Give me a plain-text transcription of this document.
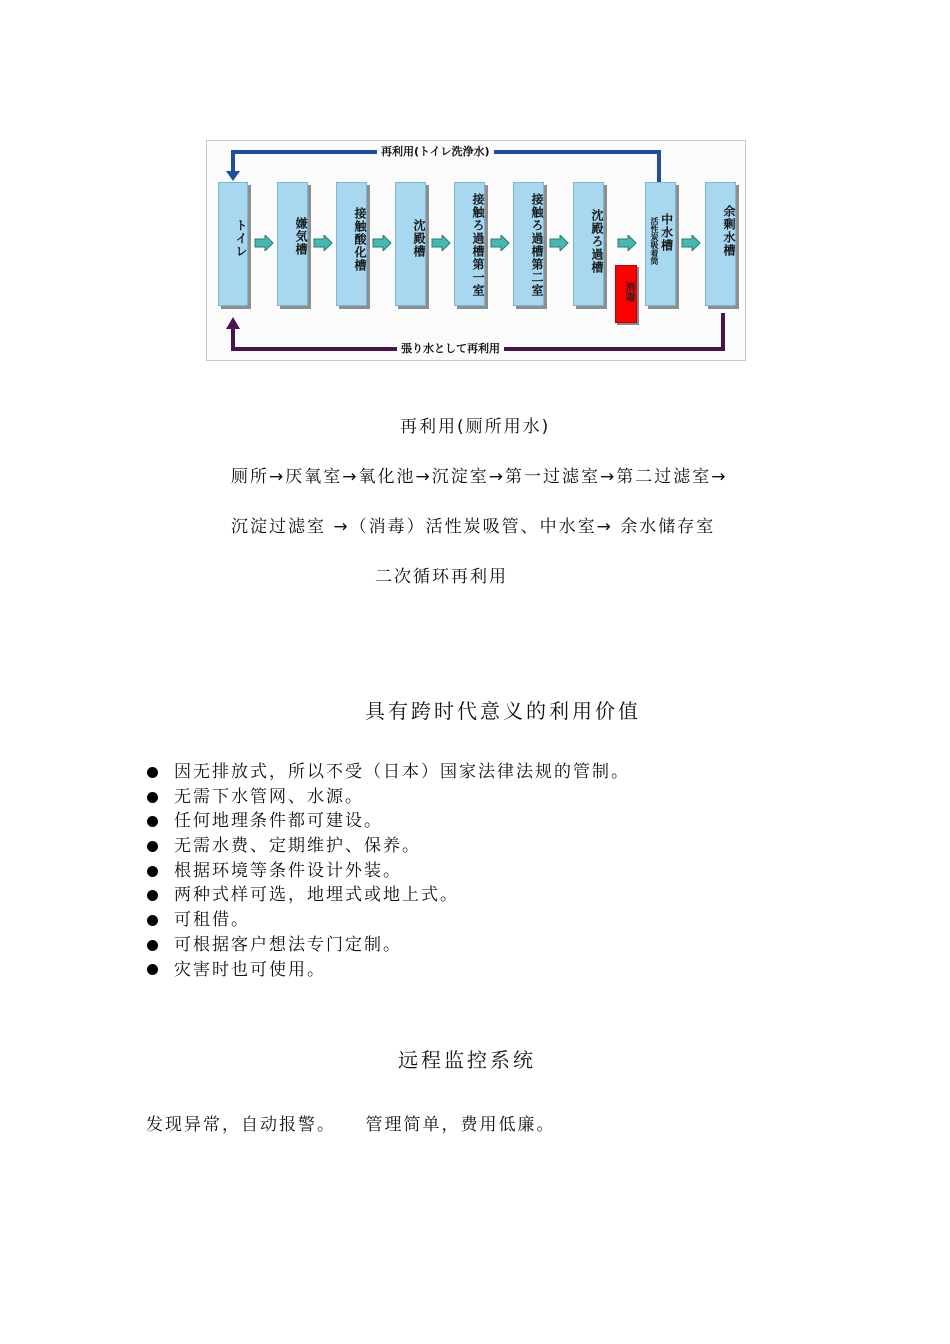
再利用(トイレ洗浄水)
張り水として再利用
トイレ	嫌気槽	接触酸化槽	沈殿槽	接触ろ過槽第一室	接触ろ過槽第二室	沈殿ろ過槽	中水槽
活性炭吸着筒	余剰水槽
消毒
再利用(厕所用水)
厕所→厌氧室→氧化池→沉淀室→第一过滤室→第二过滤室→
沉淀过滤室 →（消毒）活性炭吸管、中水室→ 余水储存室
二次循环再利用
具有跨时代意义的利用价值
因无排放式，所以不受（日本）国家法律法规的管制。
无需下水管网、水源。
任何地理条件都可建设。
无需水费、定期维护、保养。
根据环境等条件设计外装。
两种式样可选，地埋式或地上式。
可租借。
可根据客户想法专门定制。
灾害时也可使用。
远程监控系统
发现异常，自动报警。　　管理简单，费用低廉。
